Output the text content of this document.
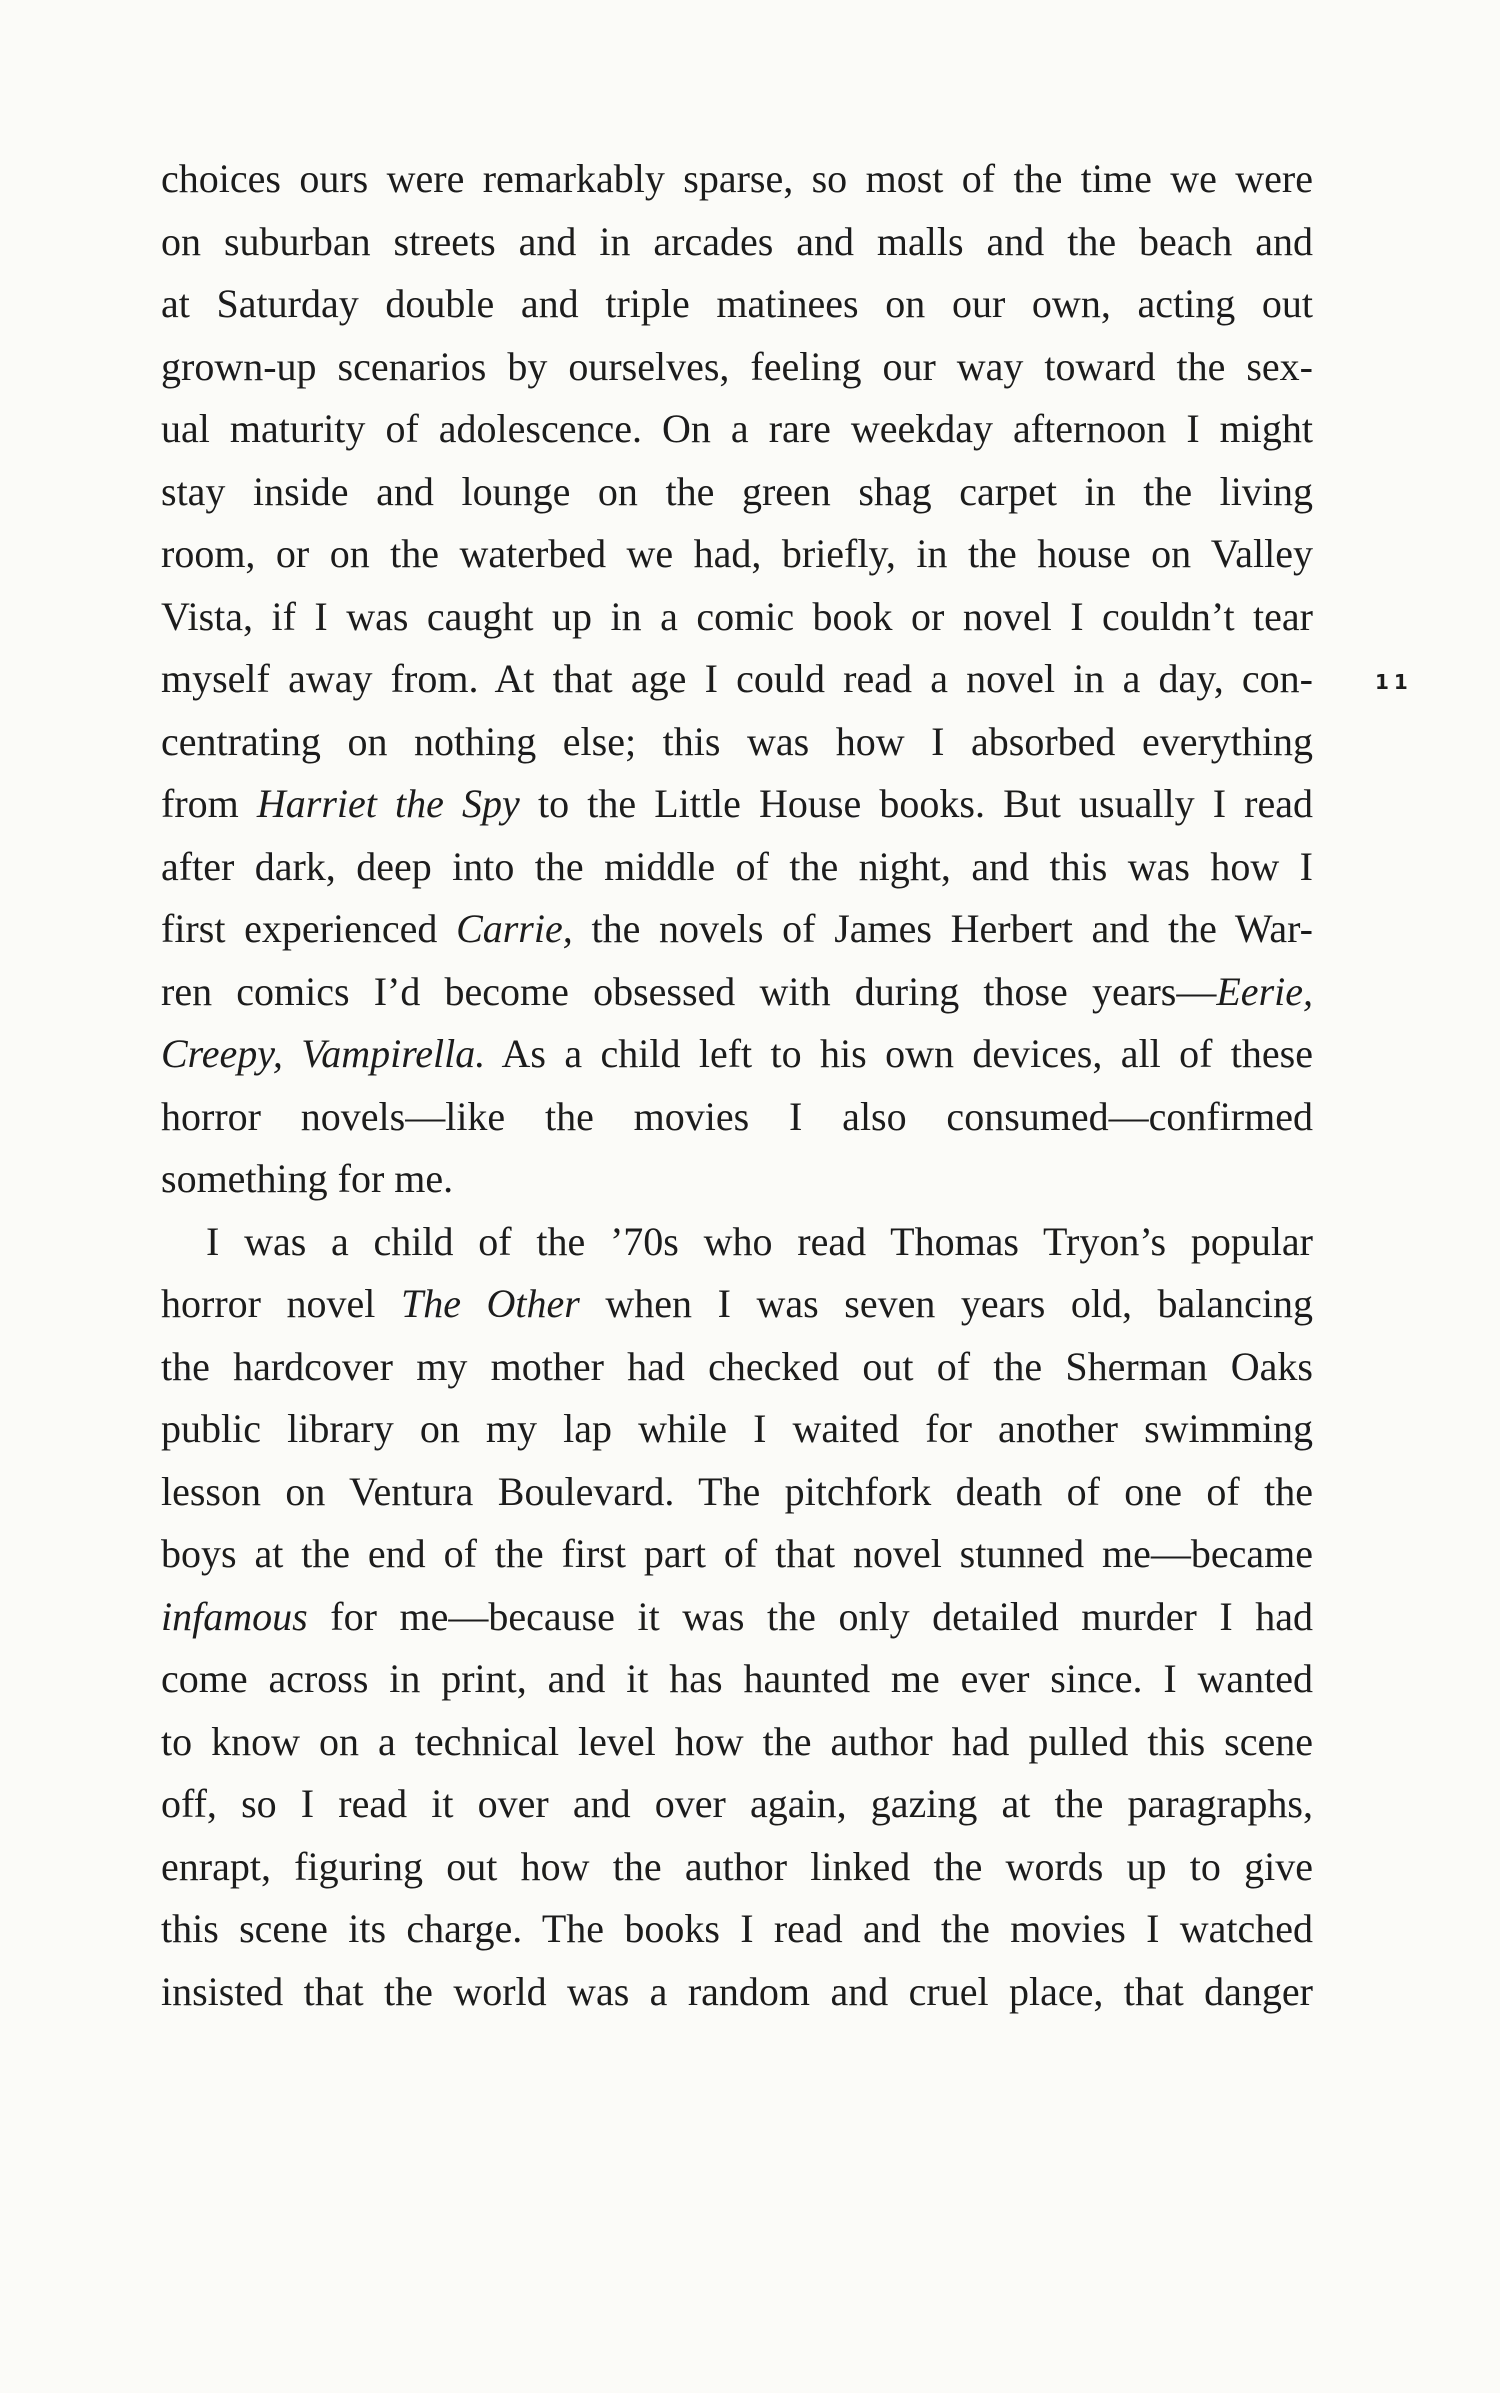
choices ours were remarkably sparse, so most of the time we were
on suburban streets and in arcades and malls and the beach and
at Saturday double and triple matinees on our own, acting out
grown-up scenarios by ourselves, feeling our way toward the sex-
ual maturity of adolescence. On a rare weekday afternoon I might
stay inside and lounge on the green shag carpet in the living
room, or on the waterbed we had, briefly, in the house on Valley
Vista, if I was caught up in a comic book or novel I couldn’t tear
myself away from. At that age I could read a novel in a day, con-
centrating on nothing else; this was how I absorbed everything
from Harriet the Spy to the Little House books. But usually I read
after dark, deep into the middle of the night, and this was how I
first experienced Carrie, the novels of James Herbert and the War-
ren comics I’d become obsessed with during those years—Eerie,
Creepy, Vampirella. As a child left to his own devices, all of these
horror novels—like the movies I also consumed—confirmed
something for me.
I was a child of the ’70s who read Thomas Tryon’s popular
horror novel The Other when I was seven years old, balancing
the hardcover my mother had checked out of the Sherman Oaks
public library on my lap while I waited for another swimming
lesson on Ventura Boulevard. The pitchfork death of one of the
boys at the end of the first part of that novel stunned me—became
infamous for me—because it was the only detailed murder I had
come across in print, and it has haunted me ever since. I wanted
to know on a technical level how the author had pulled this scene
off, so I read it over and over again, gazing at the paragraphs,
enrapt, figuring out how the author linked the words up to give
this scene its charge. The books I read and the movies I watched
insisted that the world was a random and cruel place, that danger
11
